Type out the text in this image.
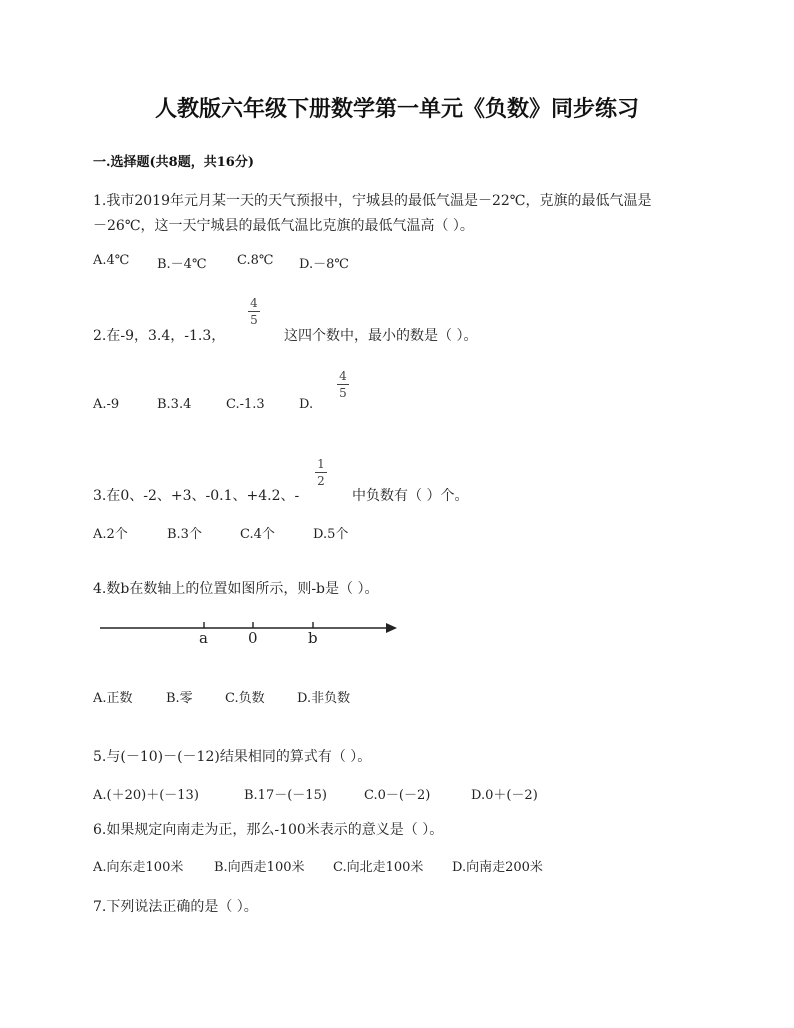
人教版六年级下册数学第一单元《负数》同步练习
一.选择题(共8题，共16分)
1.我市2019年元月某一天的天气预报中，宁城县的最低气温是－22℃，克旗的最低气温是
－26℃，这一天宁城县的最低气温比克旗的最低气温高（ ）。
A.4℃ B.－4℃ C.8℃ D.－8℃
2.在-9，3.4，-1.3，
4
5
这四个数中，最小的数是（ ）。
A.-9	B.3.4	C.-1.3	D.
4
5
3.在0、-2、+3、-0.1、+4.2、-
1
2
中负数有（ ）个。
A.2个	B.3个	C.4个	D.5个
4.数b在数轴上的位置如图所示，则-b是（ ）。
a	0	b
A.正数	B.零 C.负数 D.非负数
5.与(－10)－(－12)结果相同的算式有（ ）。
A.(＋20)＋(－13)	B.17－(－15)	C.0－(－2)	D.0＋(－2)
6.如果规定向南走为正，那么-100米表示的意义是（ ）。
A.向东走100米 B.向西走100米 C.向北走100米 D.向南走200米
7.下列说法正确的是（ ）。
